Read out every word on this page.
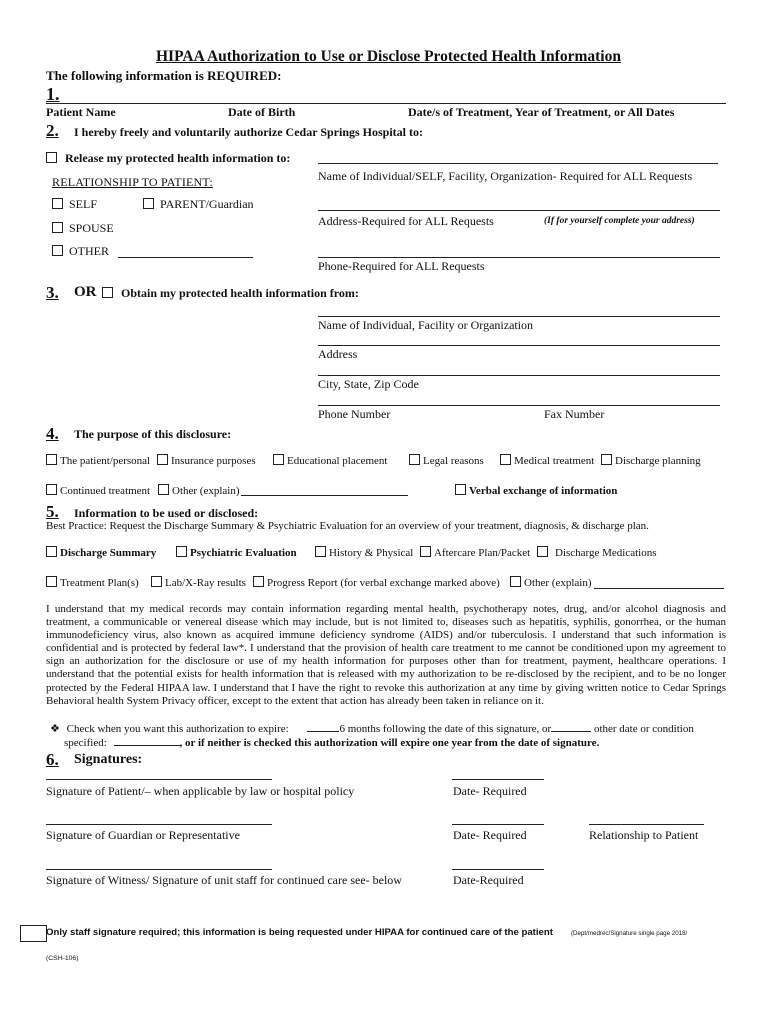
HIPAA Authorization to Use or Disclose Protected Health Information
The following information is REQUIRED:
1.
Patient Name	Date of Birth	Date/s of Treatment, Year of Treatment, or All Dates
2. I hereby freely and voluntarily authorize Cedar Springs Hospital to:
Release my protected health information to:
Name of Individual/SELF, Facility, Organization- Required for ALL Requests
RELATIONSHIP TO PATIENT:
SELF	PARENT/Guardian
Address-Required for ALL Requests	(If for yourself complete your address)
SPOUSE
OTHER
Phone-Required for ALL Requests
3. OR	Obtain my protected health information from:
Name of Individual, Facility or Organization
Address
City, State, Zip Code
Phone Number	Fax Number
4. The purpose of this disclosure:
The patient/personal	Insurance purposes	Educational placement	Legal reasons	Medical treatment	Discharge planning
Continued treatment	Other (explain)	Verbal exchange of information
5. Information to be used or disclosed:
Best Practice: Request the Discharge Summary & Psychiatric Evaluation for an overview of your treatment, diagnosis, & discharge plan.
Discharge Summary	Psychiatric Evaluation	History & Physical	Aftercare Plan/Packet	Discharge Medications
Treatment Plan(s)	Lab/X-Ray results	Progress Report (for verbal exchange marked above)	Other (explain)
I understand that my medical records may contain information regarding mental health, psychotherapy notes, drug, and/or alcohol diagnosis and treatment, a communicable or venereal disease which may include, but is not limited to, diseases such as hepatitis, syphilis, gonorrhea, or the human immunodeficiency virus, also known as acquired immune deficiency syndrome (AIDS) and/or tuberculosis. I understand that such information is confidential and is protected by federal law*. I understand that the provision of health care treatment to me cannot be conditioned upon my agreement to sign an authorization for the disclosure or use of my health information for purposes other than for treatment, payment, healthcare operations. I understand that the potential exists for health information that is released with my authorization to be re-disclosed by the recipient, and to be no longer protected by the Federal HIPAA law. I understand that I have the right to revoke this authorization at any time by giving written notice to Cedar Springs Behavioral health System Privacy officer, except to the extent that action has already been taken in reliance on it.
❖ Check when you want this authorization to expire:	6 months following the date of this signature, or	other date or condition
specified:	, or if neither is checked this authorization will expire one year from the date of signature.
6. Signatures:
Signature of Patient/– when applicable by law or hospital policy	Date- Required
Signature of Guardian or Representative	Date- Required	Relationship to Patient
Signature of Witness/ Signature of unit staff for continued care see- below	Date-Required
Only staff signature required; this information is being requested under HIPAA for continued care of the patient	(Dept/medrec/Signature single page 2018/
(CSH-106)
